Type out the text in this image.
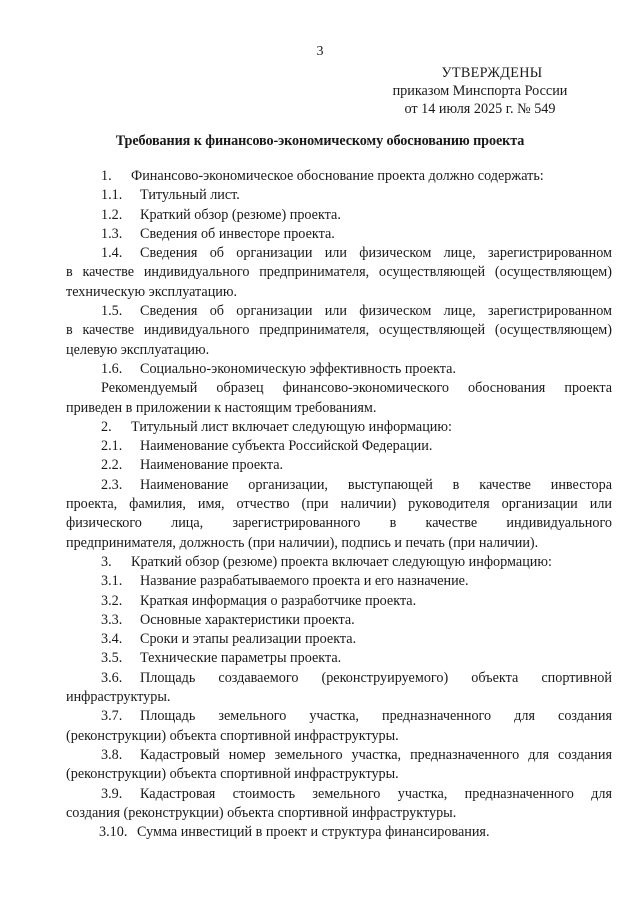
3
УТВЕРЖДЕНЫ
приказом Минспорта России
от 14 июля 2025 г. № 549
Требования к финансово-экономическому обоснованию проекта
1. Финансово-экономическое обоснование проекта должно содержать:
1.1. Титульный лист.
1.2. Краткий обзор (резюме) проекта.
1.3. Сведения об инвесторе проекта.
1.4. Сведения об организации или физическом лице, зарегистрированном
в качестве индивидуального предпринимателя, осуществляющей (осуществляющем)
техническую эксплуатацию.
1.5. Сведения об организации или физическом лице, зарегистрированном
в качестве индивидуального предпринимателя, осуществляющей (осуществляющем)
целевую эксплуатацию.
1.6. Социально-экономическую эффективность проекта.
Рекомендуемый образец финансово-экономического обоснования проекта
приведен в приложении к настоящим требованиям.
2. Титульный лист включает следующую информацию:
2.1. Наименование субъекта Российской Федерации.
2.2. Наименование проекта.
2.3. Наименование организации, выступающей в качестве инвестора
проекта, фамилия, имя, отчество (при наличии) руководителя организации или
физического лица, зарегистрированного в качестве индивидуального
предпринимателя, должность (при наличии), подпись и печать (при наличии).
3. Краткий обзор (резюме) проекта включает следующую информацию:
3.1. Название разрабатываемого проекта и его назначение.
3.2. Краткая информация о разработчике проекта.
3.3. Основные характеристики проекта.
3.4. Сроки и этапы реализации проекта.
3.5. Технические параметры проекта.
3.6. Площадь создаваемого (реконструируемого) объекта спортивной
инфраструктуры.
3.7. Площадь земельного участка, предназначенного для создания
(реконструкции) объекта спортивной инфраструктуры.
3.8. Кадастровый номер земельного участка, предназначенного для создания
(реконструкции) объекта спортивной инфраструктуры.
3.9. Кадастровая стоимость земельного участка, предназначенного для
создания (реконструкции) объекта спортивной инфраструктуры.
3.10. Сумма инвестиций в проект и структура финансирования.
